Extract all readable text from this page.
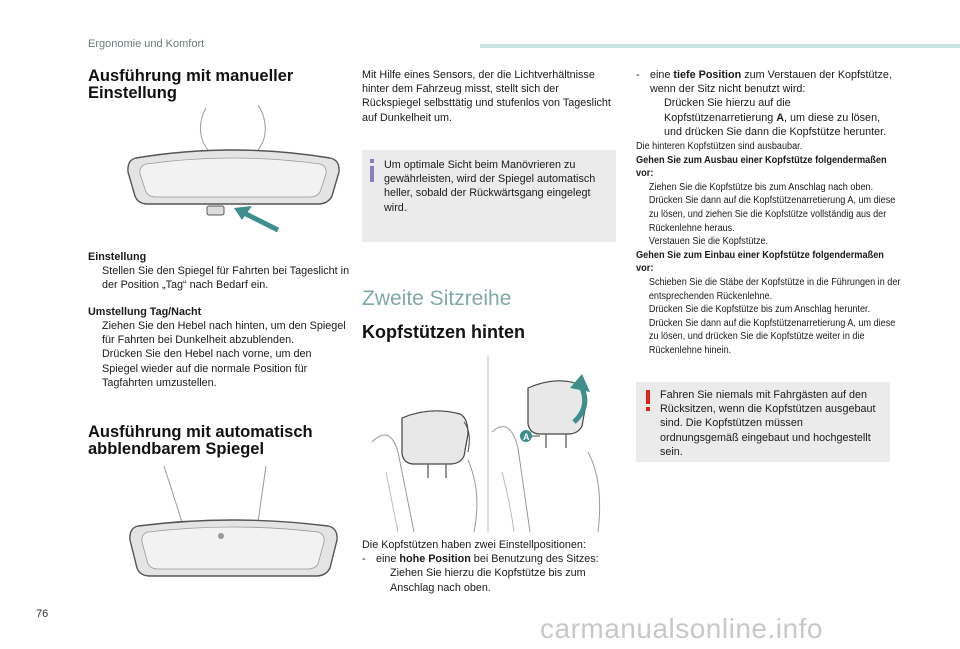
Ergonomie und Komfort
Ausführung mit manueller Einstellung
Einstellung
Stellen Sie den Spiegel für Fahrten bei Tageslicht in der Position „Tag“ nach Bedarf ein.
Umstellung Tag/Nacht
Ziehen Sie den Hebel nach hinten, um den Spiegel für Fahrten bei Dunkelheit abzublenden.
Drücken Sie den Hebel nach vorne, um den Spiegel wieder auf die normale Position für Tagfahrten umzustellen.
Ausführung mit automatisch abblendbarem Spiegel
Mit Hilfe eines Sensors, der die Lichtverhältnisse hinter dem Fahrzeug misst, stellt sich der Rückspiegel selbsttätig und stufenlos von Tageslicht auf Dunkelheit um.
Um optimale Sicht beim Manövrieren zu gewährleisten, wird der Spiegel automatisch heller, sobald der Rückwärtsgang eingelegt wird.
Zweite Sitzreihe
Kopfstützen hinten
A
Die Kopfstützen haben zwei Einstellpositionen:
- eine hohe Position bei Benutzung des Sitzes:
Ziehen Sie hierzu die Kopfstütze bis zum Anschlag nach oben.
- eine tiefe Position zum Verstauen der Kopfstütze, wenn der Sitz nicht benutzt wird:
Drücken Sie hierzu auf die Kopfstützenarretierung A, um diese zu lösen, und drücken Sie dann die Kopfstütze herunter.
Die hinteren Kopfstützen sind ausbaubar.
Gehen Sie zum Ausbau einer Kopfstütze folgendermaßen vor:
Ziehen Sie die Kopfstütze bis zum Anschlag nach oben.
Drücken Sie dann auf die Kopfstützenarretierung A, um diese zu lösen, und ziehen Sie die Kopfstütze vollständig aus der Rückenlehne heraus.
Verstauen Sie die Kopfstütze.
Gehen Sie zum Einbau einer Kopfstütze folgendermaßen vor:
Schieben Sie die Stäbe der Kopfstütze in die Führungen in der entsprechenden Rückenlehne.
Drücken Sie die Kopfstütze bis zum Anschlag herunter.
Drücken Sie dann auf die Kopfstützenarretierung A, um diese zu lösen, und drücken Sie die Kopfstütze weiter in die Rückenlehne hinein.
Fahren Sie niemals mit Fahrgästen auf den Rücksitzen, wenn die Kopfstützen ausgebaut sind. Die Kopfstützen müssen ordnungsgemäß eingebaut und hochgestellt sein.
76	carmanualsonline.info
